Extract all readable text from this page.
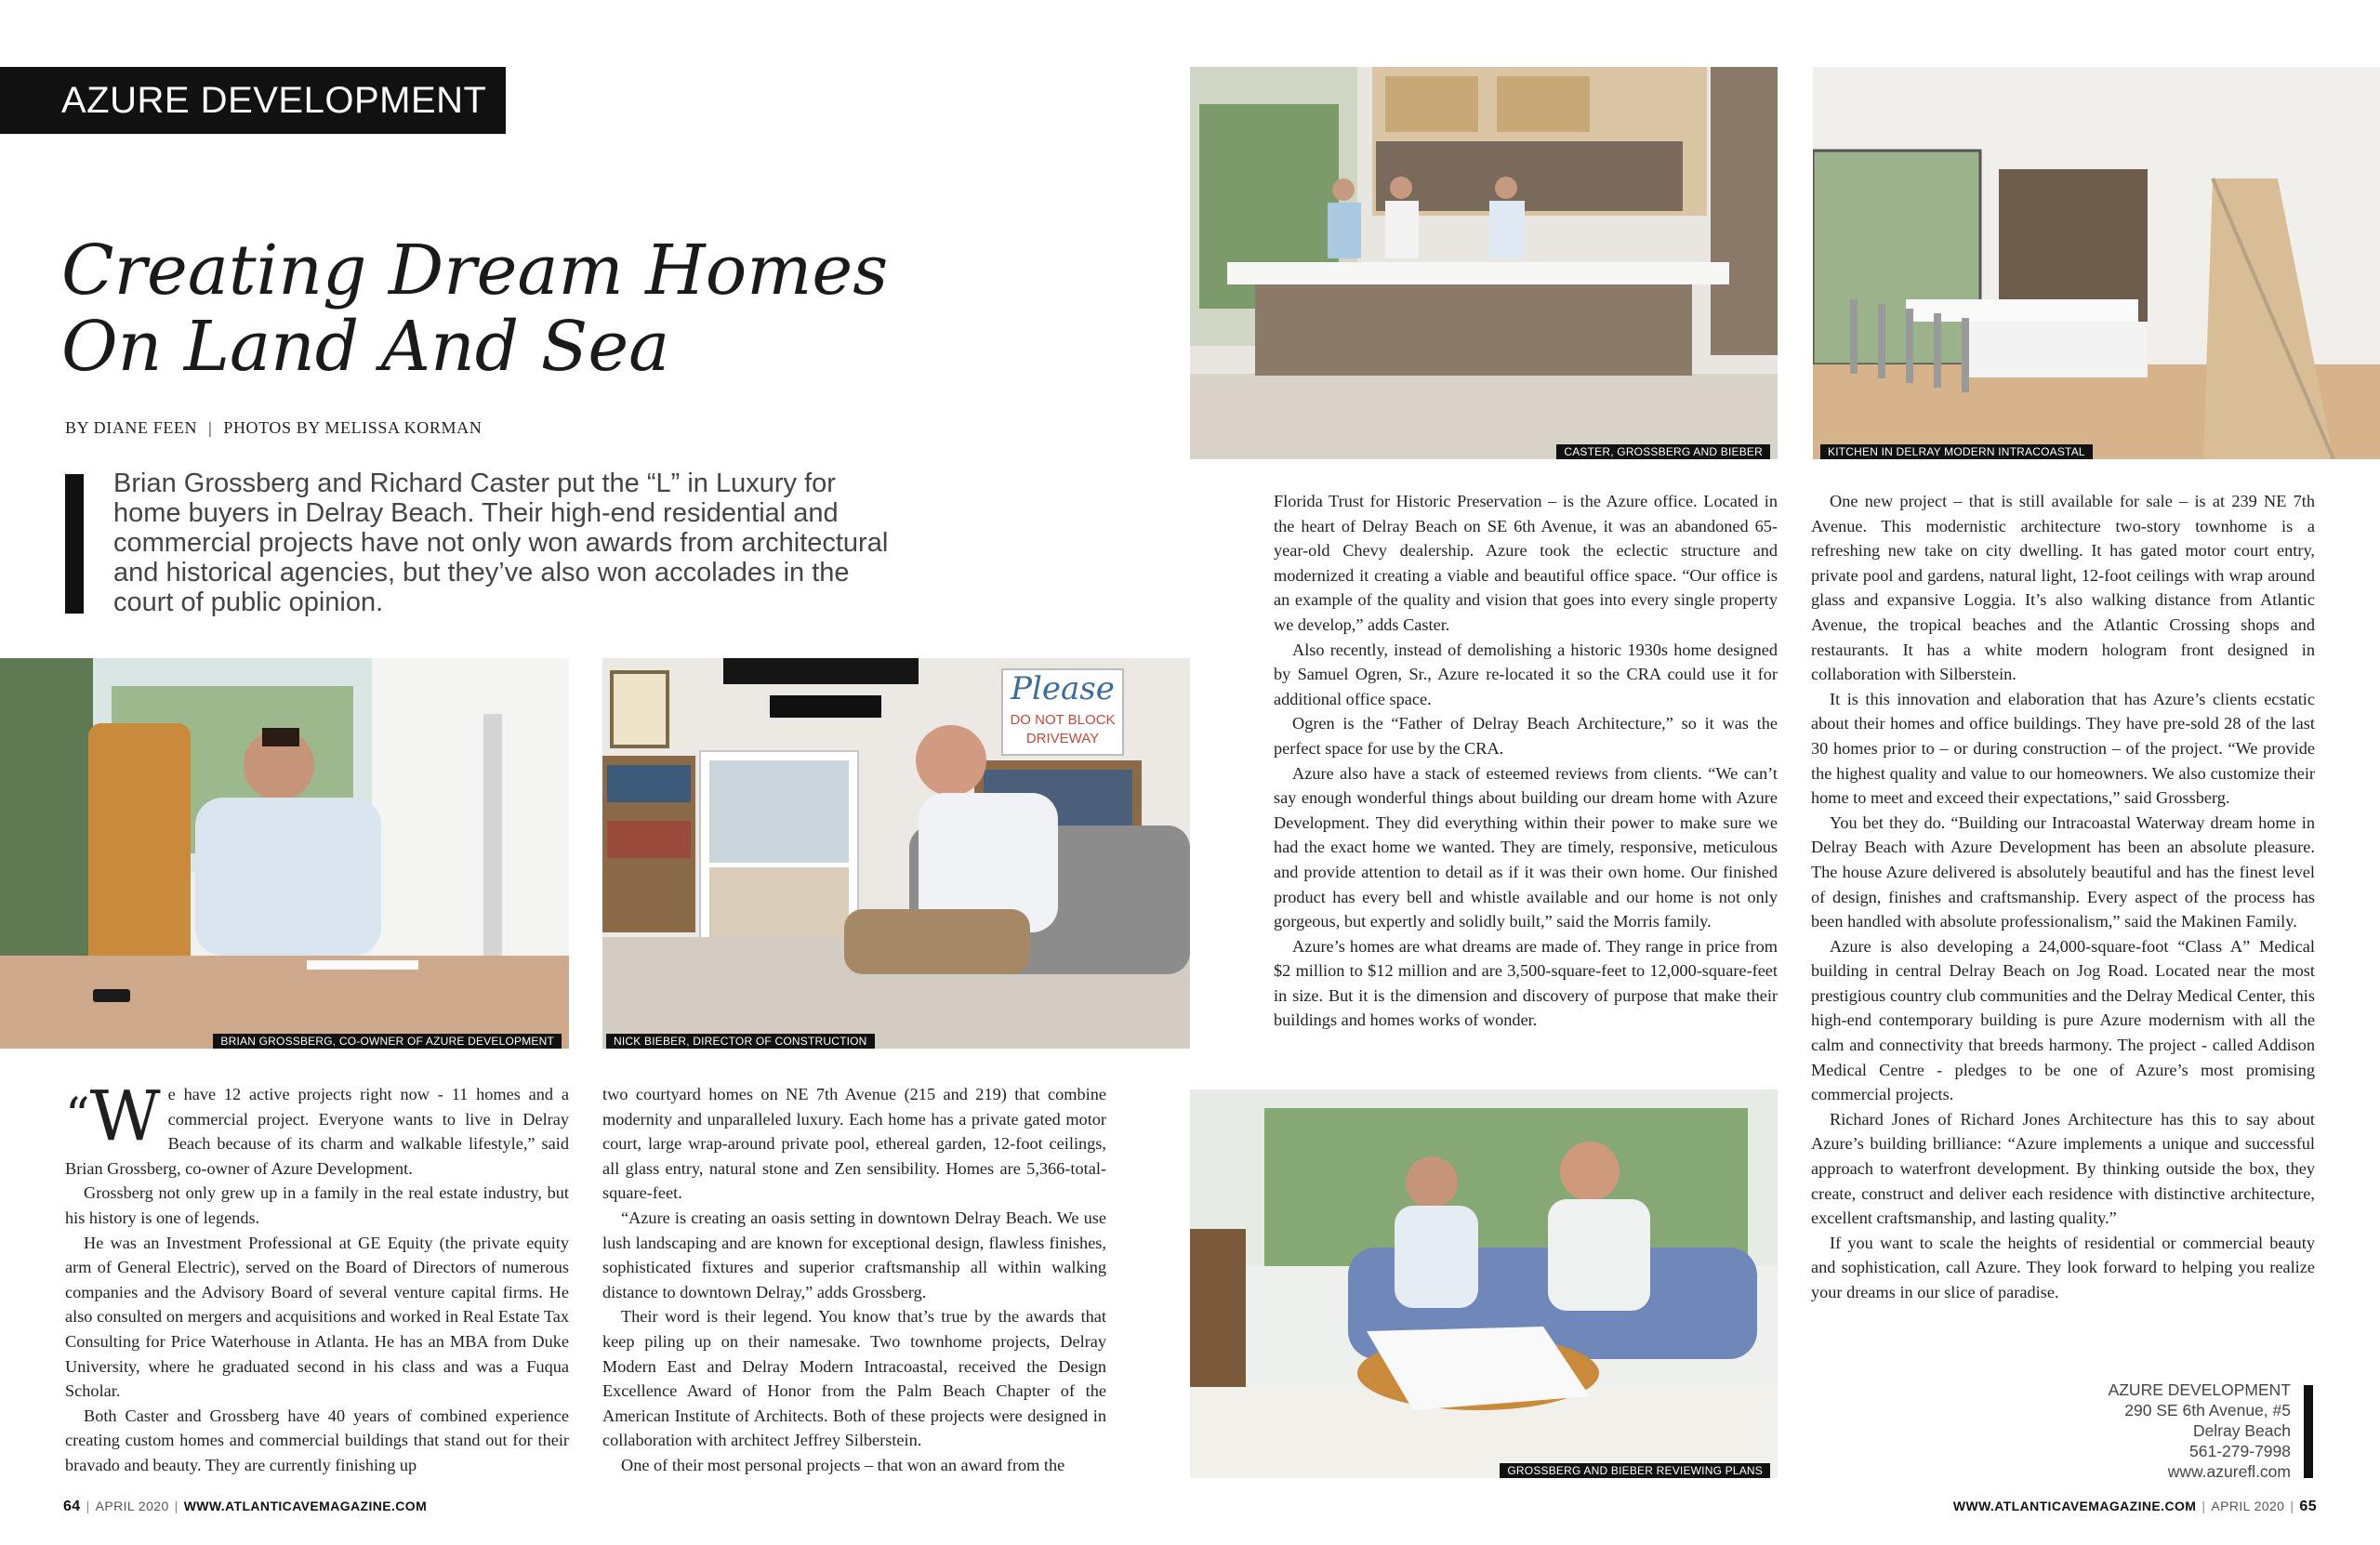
AZURE DEVELOPMENT
Creating Dream Homes
On Land And Sea
BY DIANE FEEN | PHOTOS BY MELISSA KORMAN
Brian Grossberg and Richard Caster put the “L” in Luxury for home buyers in Delray Beach. Their high-end residential and commercial projects have not only won awards from architectural and historical agencies, but they’ve also won accolades in the court of public opinion.
CASTER, GROSSBERG AND BIEBER	KITCHEN IN DELRAY MODERN INTRACOASTAL
BRIAN GROSSBERG, CO-OWNER OF AZURE DEVELOPMENT
Please
DO NOT BLOCK
DRIVEWAY
NICK BIEBER, DIRECTOR OF CONSTRUCTION
GROSSBERG AND BIEBER REVIEWING PLANS
“W e have 12 active projects right now - 11 homes and a commercial project. Everyone wants to live in Delray Beach because of its charm and walkable lifestyle,” said Brian Grossberg, co-owner of Azure Development.

Grossberg not only grew up in a family in the real estate industry, but his history is one of legends.

He was an Investment Professional at GE Equity (the private equity arm of General Electric), served on the Board of Directors of numerous companies and the Advisory Board of several venture capital firms. He also consulted on mergers and acquisitions and worked in Real Estate Tax Consulting for Price Waterhouse in Atlanta. He has an MBA from Duke University, where he graduated second in his class and was a Fuqua Scholar.

Both Caster and Grossberg have 40 years of combined experience creating custom homes and commercial buildings that stand out for their bravado and beauty. They are currently finishing up

two courtyard homes on NE 7th Avenue (215 and 219) that combine modernity and unparalleled luxury. Each home has a private gated motor court, large wrap-around private pool, ethereal garden, 12-foot ceilings, all glass entry, natural stone and Zen sensibility. Homes are 5,366-total-square-feet.

“Azure is creating an oasis setting in downtown Delray Beach. We use lush landscaping and are known for exceptional design, flawless finishes, sophisticated fixtures and superior craftsmanship all within walking distance to downtown Delray,” adds Grossberg.

Their word is their legend. You know that’s true by the awards that keep piling up on their namesake. Two townhome projects, Delray Modern East and Delray Modern Intracoastal, received the Design Excellence Award of Honor from the Palm Beach Chapter of the American Institute of Architects. Both of these projects were designed in collaboration with architect Jeffrey Silberstein.

One of their most personal projects – that won an award from the

Florida Trust for Historic Preservation – is the Azure office. Located in the heart of Delray Beach on SE 6th Avenue, it was an abandoned 65-year-old Chevy dealership. Azure took the eclectic structure and modernized it creating a viable and beautiful office space. “Our office is an example of the quality and vision that goes into every single property we develop,” adds Caster.

Also recently, instead of demolishing a historic 1930s home designed by Samuel Ogren, Sr., Azure re-located it so the CRA could use it for additional office space.

Ogren is the “Father of Delray Beach Architecture,” so it was the perfect space for use by the CRA.

Azure also have a stack of esteemed reviews from clients. “We can’t say enough wonderful things about building our dream home with Azure Development. They did everything within their power to make sure we had the exact home we wanted. They are timely, responsive, meticulous and provide attention to detail as if it was their own home. Our finished product has every bell and whistle available and our home is not only gorgeous, but expertly and solidly built,” said the Morris family.

Azure’s homes are what dreams are made of. They range in price from $2 million to $12 million and are 3,500-square-feet to 12,000-square-feet in size. But it is the dimension and discovery of purpose that make their buildings and homes works of wonder.

One new project – that is still available for sale – is at 239 NE 7th Avenue. This modernistic architecture two-story townhome is a refreshing new take on city dwelling. It has gated motor court entry, private pool and gardens, natural light, 12-foot ceilings with wrap around glass and expansive Loggia. It’s also walking distance from Atlantic Avenue, the tropical beaches and the Atlantic Crossing shops and restaurants. It has a white modern hologram front designed in collaboration with Silberstein.

It is this innovation and elaboration that has Azure’s clients ecstatic about their homes and office buildings. They have pre-sold 28 of the last 30 homes prior to – or during construction – of the project. “We provide the highest quality and value to our homeowners. We also customize their home to meet and exceed their expectations,” said Grossberg.

You bet they do. “Building our Intracoastal Waterway dream home in Delray Beach with Azure Development has been an absolute pleasure. The house Azure delivered is absolutely beautiful and has the finest level of design, finishes and craftsmanship. Every aspect of the process has been handled with absolute professionalism,” said the Makinen Family.

Azure is also developing a 24,000-square-foot “Class A” Medical building in central Delray Beach on Jog Road. Located near the most prestigious country club communities and the Delray Medical Center, this high-end contemporary building is pure Azure modernism with all the calm and connectivity that breeds harmony. The project - called Addison Medical Centre - pledges to be one of Azure’s most promising commercial projects.

Richard Jones of Richard Jones Architecture has this to say about Azure’s building brilliance: “Azure implements a unique and successful approach to waterfront development. By thinking outside the box, they create, construct and deliver each residence with distinctive architecture, excellent craftsmanship, and lasting quality.”

If you want to scale the heights of residential or commercial beauty and sophistication, call Azure. They look forward to helping you realize your dreams in our slice of paradise.

AZURE DEVELOPMENT
290 SE 6th Avenue, #5
Delray Beach
561-279-7998
www.azurefl.com
64 | APRIL 2020 | WWW.ATLANTICAVEMAGAZINE.COM	WWW.ATLANTICAVEMAGAZINE.COM | APRIL 2020 | 65
